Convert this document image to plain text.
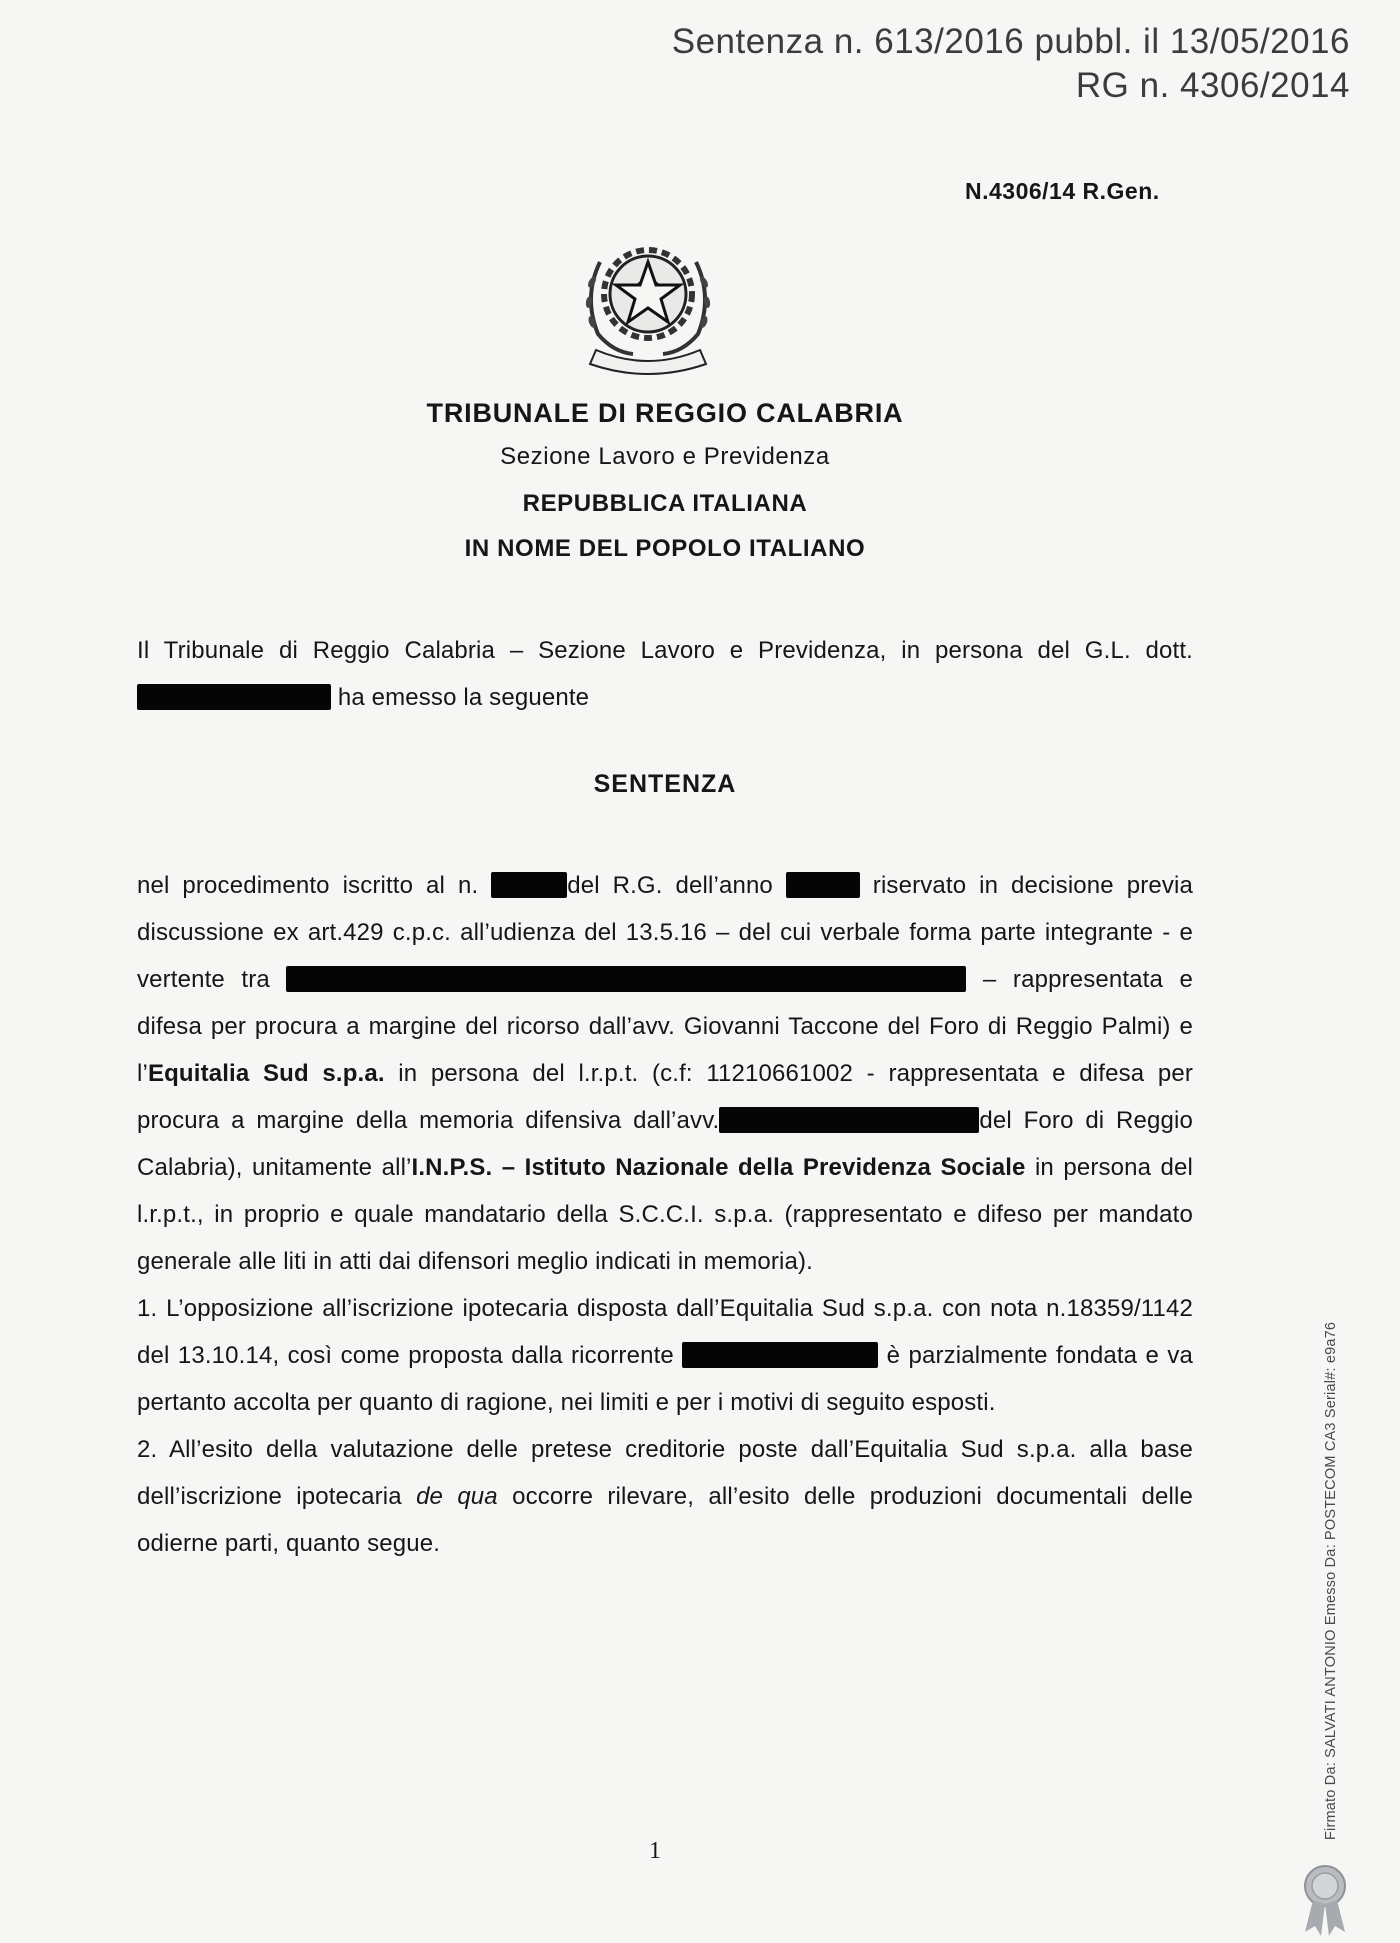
Sentenza n. 613/2016 pubbl. il 13/05/2016
RG n. 4306/2014
N.4306/14 R.Gen.
TRIBUNALE DI REGGIO CALABRIA
Sezione Lavoro e Previdenza
REPUBBLICA ITALIANA
IN NOME DEL POPOLO ITALIANO

Il Tribunale di Reggio Calabria – Sezione Lavoro e Previdenza, in persona del G.L. dott.  ha emesso la seguente

SENTENZA

nel procedimento iscritto al n.	del R.G. dell’anno	riservato in decisione previa discussione ex art.429 c.p.c. all’udienza del 13.5.16 – del cui verbale forma parte integrante - e vertente tra	– rappresentata e difesa per procura a margine del ricorso dall’avv. Giovanni Taccone del Foro di Reggio Palmi) e l’Equitalia Sud s.p.a. in persona del l.r.p.t. (c.f: 11210661002 - rappresentata e difesa per procura a margine della memoria difensiva dall’avv.	del Foro di Reggio Calabria), unitamente all’I.N.P.S. – Istituto Nazionale della Previdenza Sociale in persona del l.r.p.t., in proprio e quale mandatario della S.C.C.I. s.p.a. (rappresentato e difeso per mandato generale alle liti in atti dai difensori meglio indicati in memoria).

1. L’opposizione all’iscrizione ipotecaria disposta dall’Equitalia Sud s.p.a. con nota n.18359/1142 del 13.10.14, così come proposta dalla ricorrente	è parzialmente fondata e va pertanto accolta per quanto di ragione, nei limiti e per i motivi di seguito esposti.

2. All’esito della valutazione delle pretese creditorie poste dall’Equitalia Sud s.p.a. alla base dell’iscrizione ipotecaria de qua occorre rilevare, all’esito delle produzioni documentali delle odierne parti, quanto segue.

1
Firmato Da: SALVATI ANTONIO Emesso Da: POSTECOM CA3 Serial#: e9a76
